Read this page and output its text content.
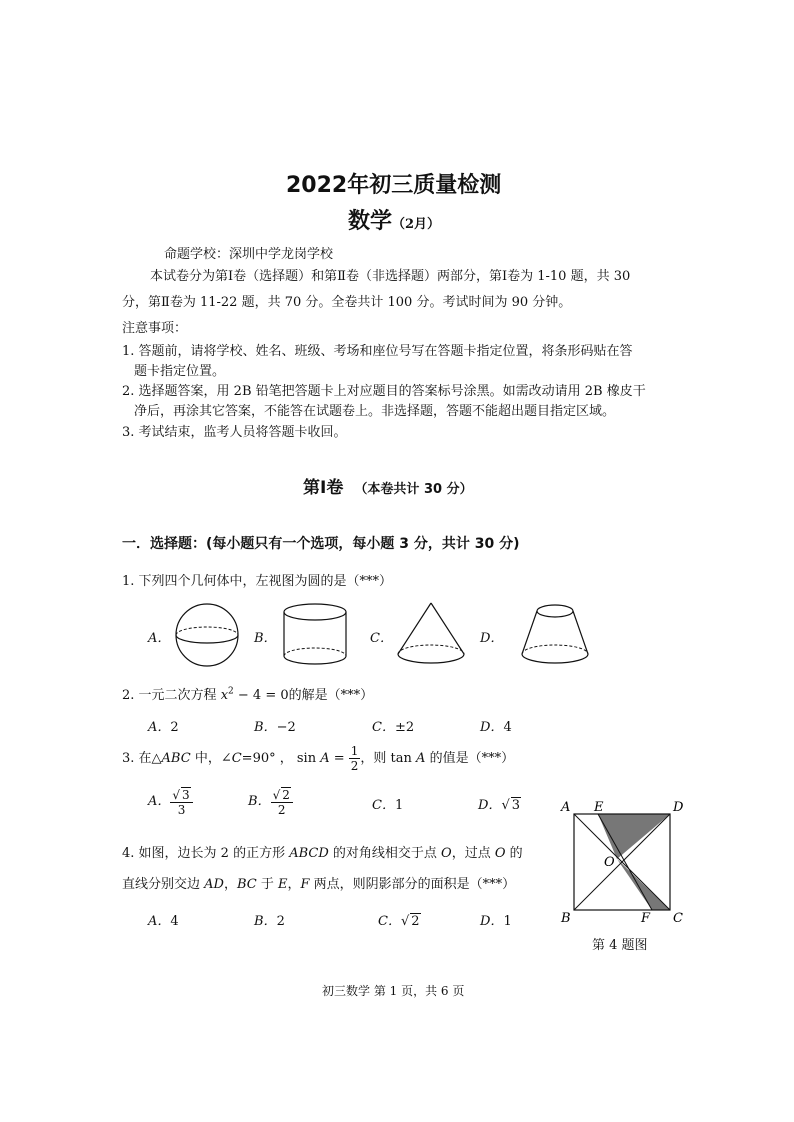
2022年初三质量检测
数学（2月）
命题学校：深圳中学龙岗学校
本试卷分为第Ⅰ卷（选择题）和第Ⅱ卷（非选择题）两部分，第Ⅰ卷为 1-10 题，共 30
分，第Ⅱ卷为 11-22 题，共 70 分。全卷共计 100 分。考试时间为 90 分钟。
注意事项：
1. 答题前，请将学校、姓名、班级、考场和座位号写在答题卡指定位置，将条形码贴在答
题卡指定位置。
2. 选择题答案，用 2B 铅笔把答题卡上对应题目的答案标号涂黑。如需改动请用 2B 橡皮干
净后，再涂其它答案，不能答在试题卷上。非选择题，答题不能超出题目指定区域。
3. 考试结束，监考人员将答题卡收回。
第Ⅰ卷 （本卷共计 30 分）
一．选择题：(每小题只有一个选项，每小题 3 分，共计 30 分)
1. 下列四个几何体中，左视图为圆的是（***）
A．	B．	C．	D．
2. 一元二次方程 $x^2 - 4 = 0$的解是（***）
A．2	B．−2	C．±2	D．4
3. 在△ABC 中，∠C=90° ， $\sin A = \frac{1}{2}$ ，则 tan A 的值是（***）
A． $\frac{√ 3}{3}$	B． $\frac{√ 2}{2}$	C．1	D．√ 3
4. 如图，边长为 2 的正方形 ABCD 的对角线相交于点 O，过点 O 的
直线分别交边 AD，BC 于 E，F 两点，则阴影部分的面积是（***）
A．4	B．2	C．√ 2	D．1
A E	D
O
B	F C
第 4 题图
初三数学 第 1 页，共 6 页
